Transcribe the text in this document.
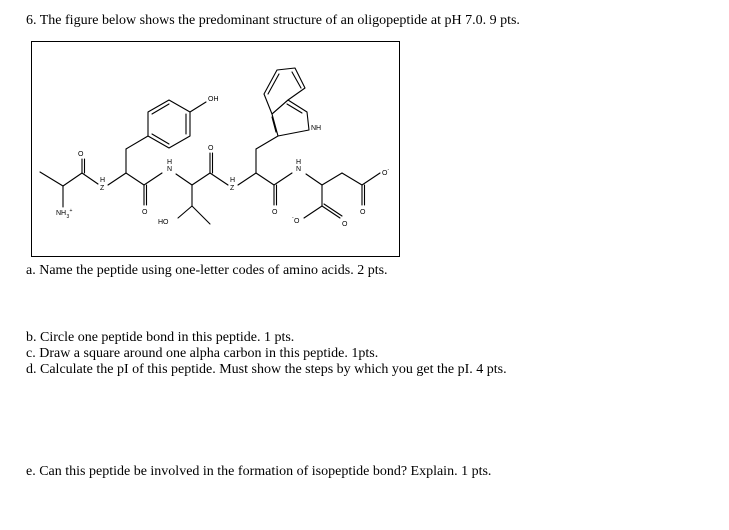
6. The figure below shows the predominant structure of an oligopeptide at pH 7.0. 9 pts.
OH
NH
NH 3
+
O
O
O
O
O
O
O -
O
-
HO
Z
H
N
H
Z
H
N
H
a. Name the peptide using one-letter codes of amino acids. 2 pts.
b. Circle one peptide bond in this peptide. 1 pts.
c. Draw a square around one alpha carbon in this peptide. 1pts.
d. Calculate the pI of this peptide. Must show the steps by which you get the pI. 4 pts.
e. Can this peptide be involved in the formation of isopeptide bond? Explain. 1 pts.
